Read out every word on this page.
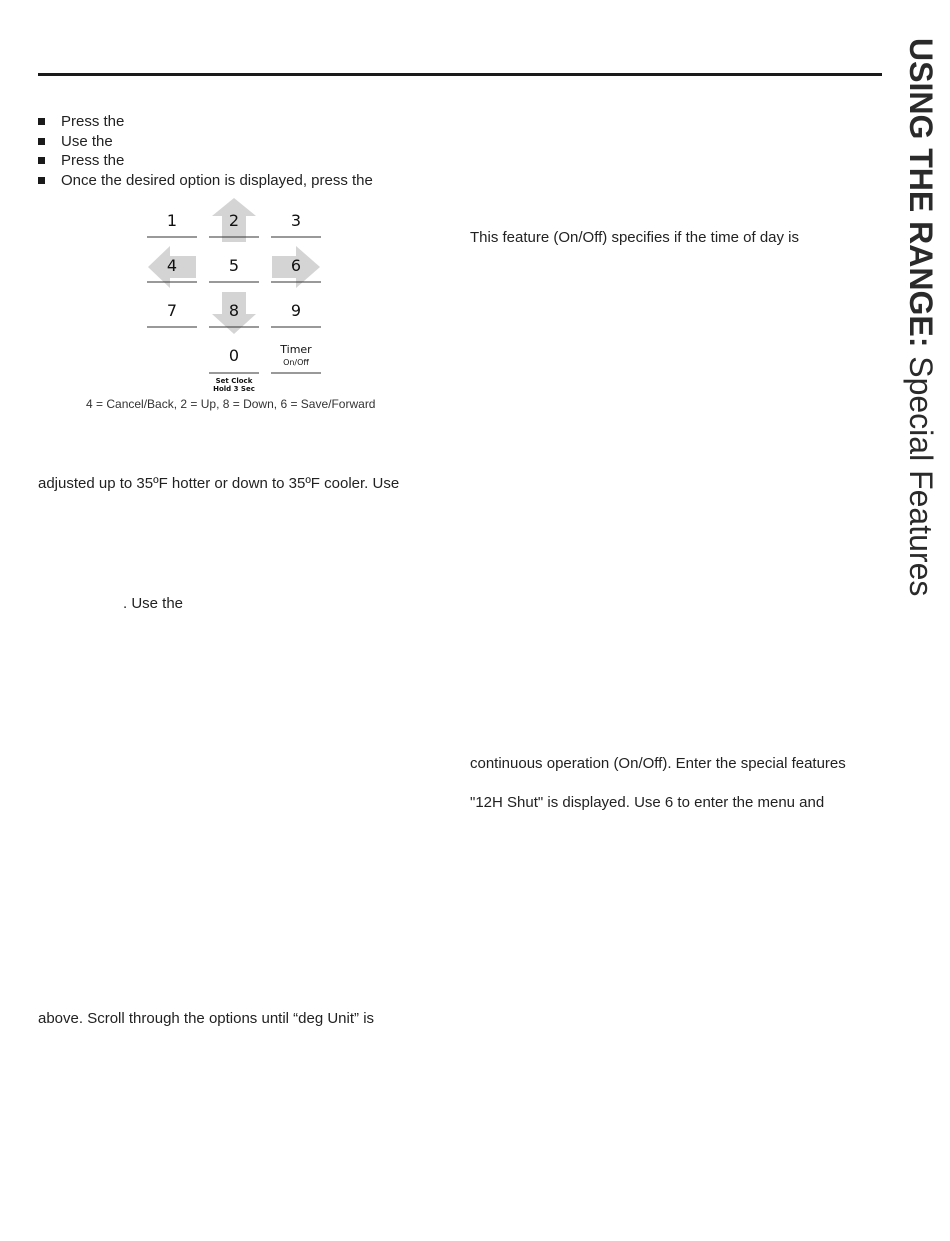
Press the
Use the
Press the
Once the desired option is displayed, press the
1	2	3
4	5	6
7	8	9
0	Timer
On/Off
Set Clock
Hold 3 Sec
4 = Cancel/Back, 2 = Up, 8 = Down, 6 = Save/Forward
adjusted up to 35ºF hotter or down to 35ºF cooler. Use
. Use the
above. Scroll through the options until “deg Unit” is
This feature (On/Off) specifies if the time of day is
continuous operation (On/Off). Enter the special features
"12H Shut" is displayed. Use 6 to enter the menu and
USING THE RANGE: Special Features
